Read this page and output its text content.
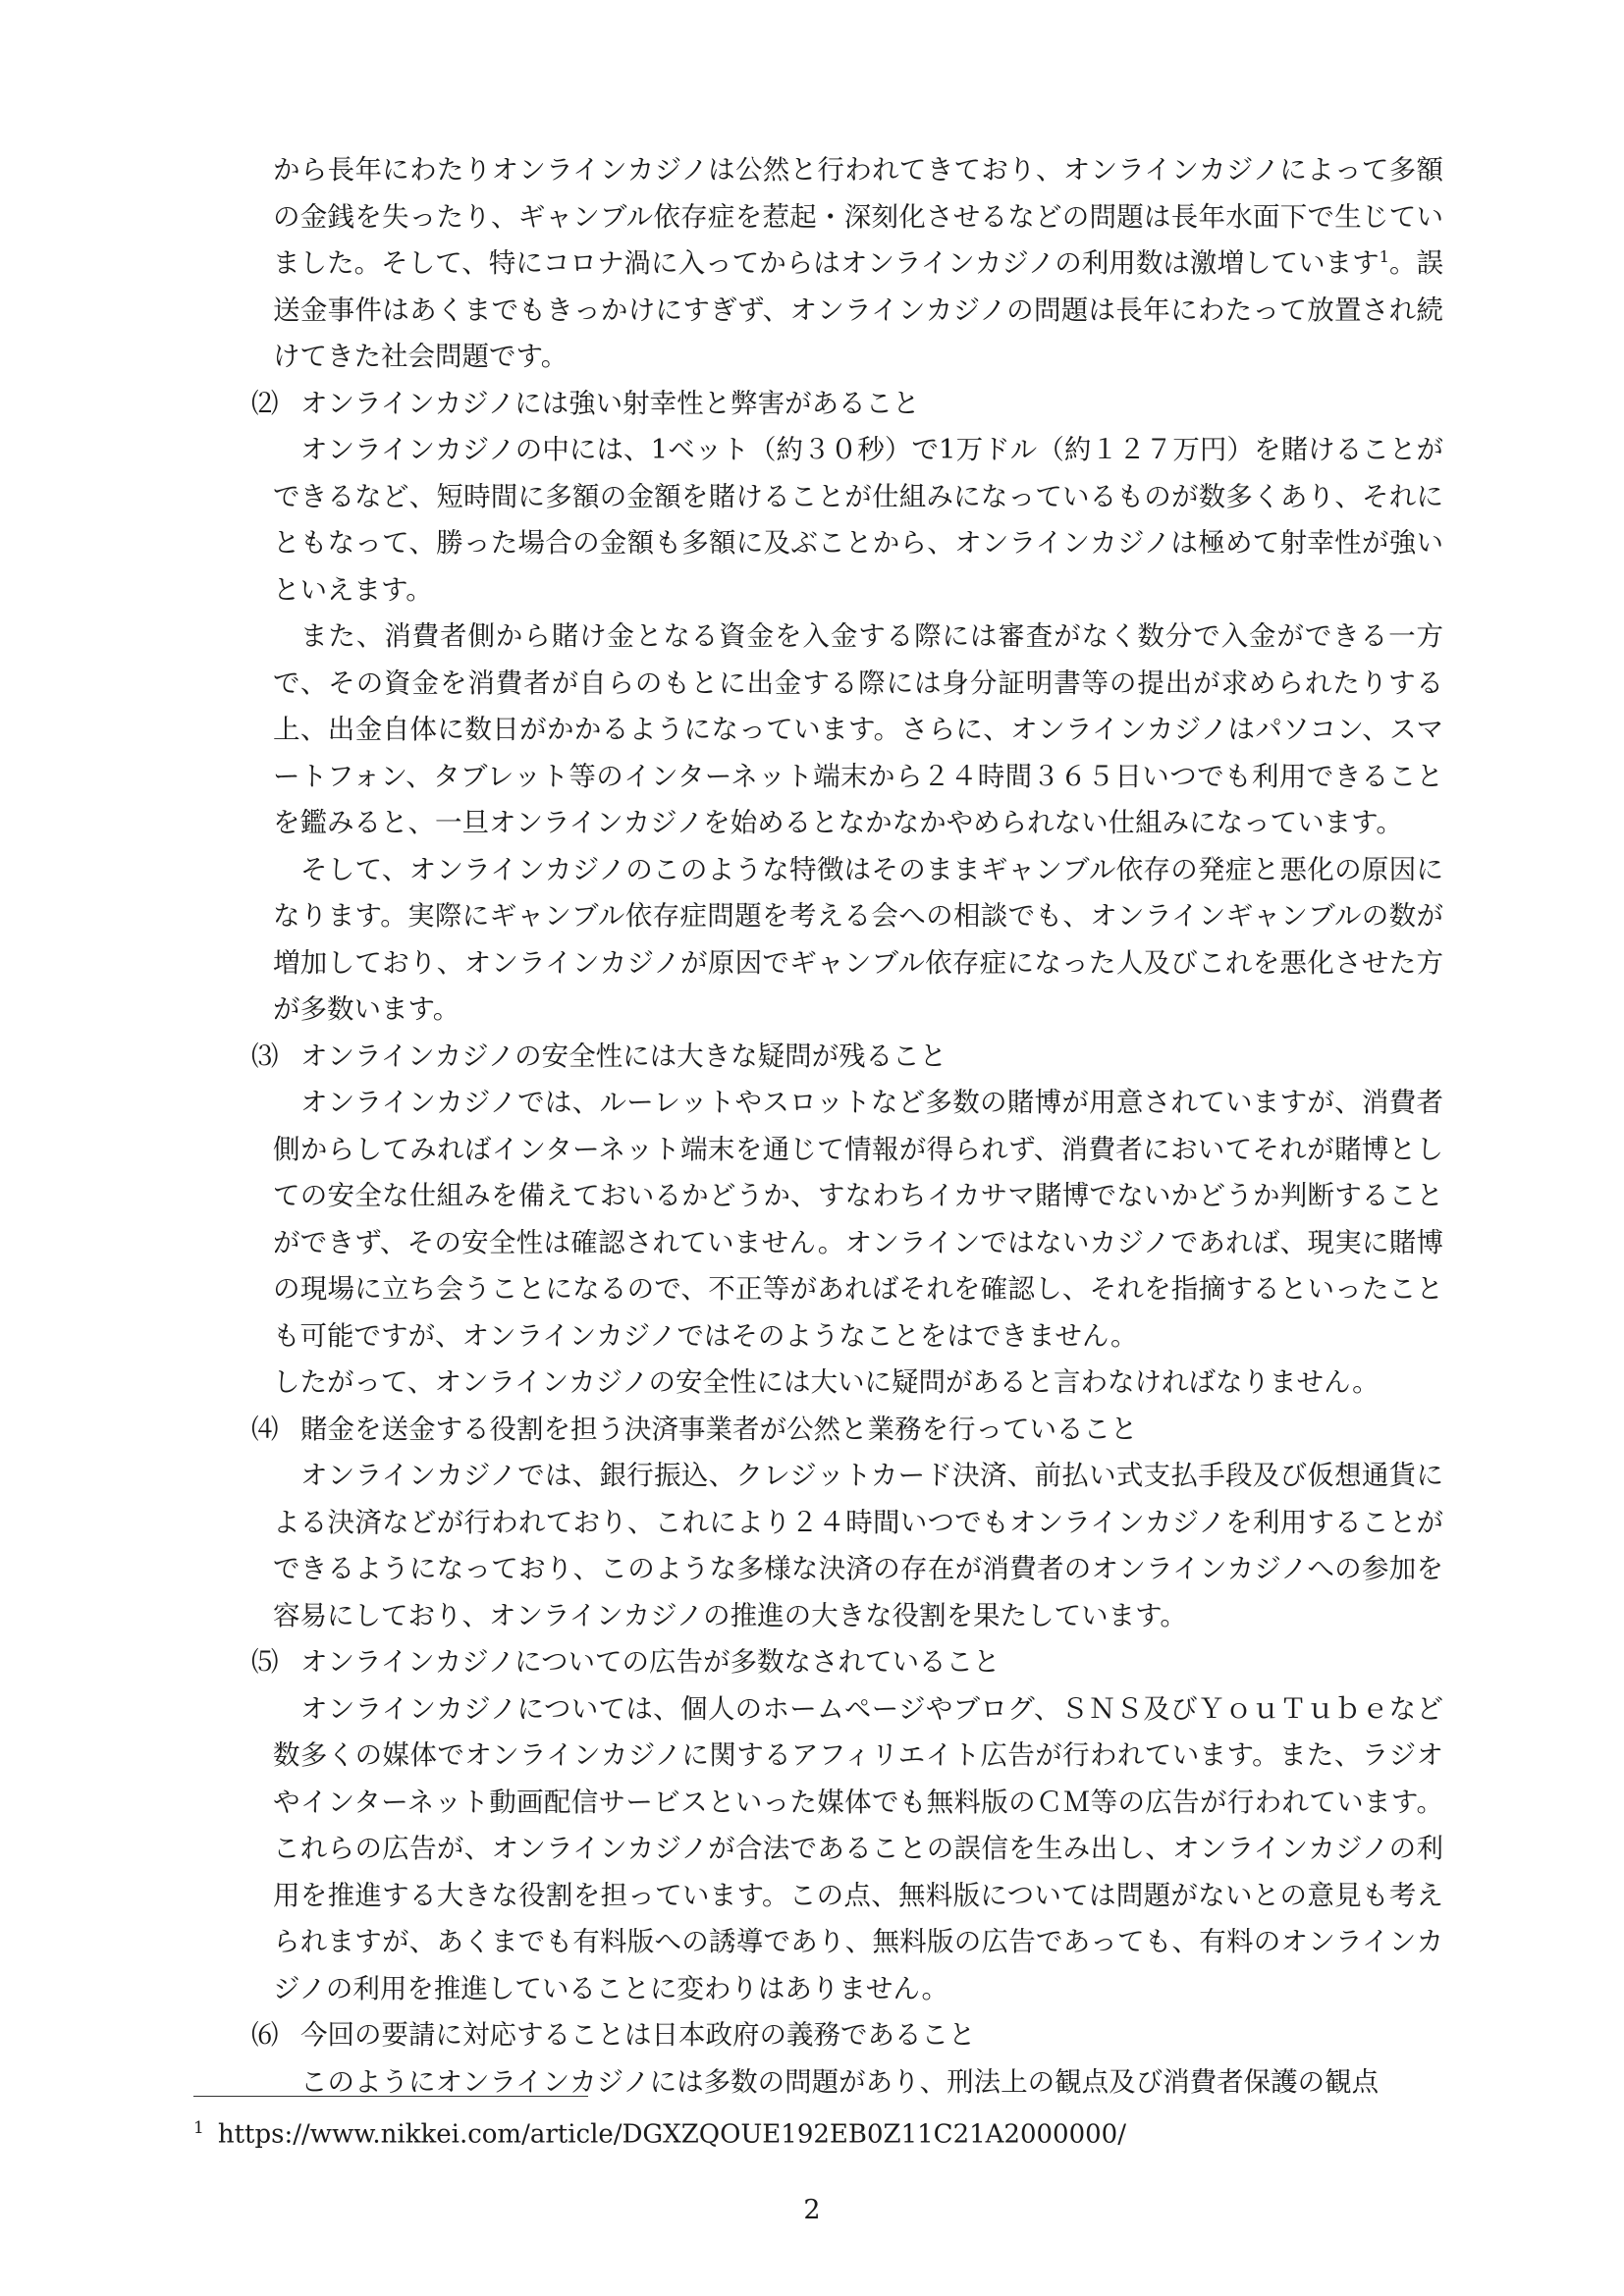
から長年にわたりオンラインカジノは公然と行われてきており、オンラインカジノによって多額の金銭を失ったり、ギャンブル依存症を惹起・深刻化させるなどの問題は長年水面下で生じていました。そして、特にコロナ渦に入ってからはオンラインカジノの利用数は激増しています$^1$。誤送金事件はあくまでもきっかけにすぎず、オンラインカジノの問題は長年にわたって放置され続けてきた社会問題です。

⑵ オンラインカジノには強い射幸性と弊害があること

オンラインカジノの中には、1ベット（約３０秒）で1万ドル（約１２７万円）を賭けることができるなど、短時間に多額の金額を賭けることが仕組みになっているものが数多くあり、それにともなって、勝った場合の金額も多額に及ぶことから、オンラインカジノは極めて射幸性が強いといえます。

また、消費者側から賭け金となる資金を入金する際には審査がなく数分で入金ができる一方で、その資金を消費者が自らのもとに出金する際には身分証明書等の提出が求められたりする上、出金自体に数日がかかるようになっています。さらに、オンラインカジノはパソコン、スマートフォン、タブレット等のインターネット端末から２４時間３６５日いつでも利用できることを鑑みると、一旦オンラインカジノを始めるとなかなかやめられない仕組みになっています。

そして、オンラインカジノのこのような特徴はそのままギャンブル依存の発症と悪化の原因になります。実際にギャンブル依存症問題を考える会への相談でも、オンラインギャンブルの数が増加しており、オンラインカジノが原因でギャンブル依存症になった人及びこれを悪化させた方が多数います。

⑶ オンラインカジノの安全性には大きな疑問が残ること

オンラインカジノでは、ルーレットやスロットなど多数の賭博が用意されていますが、消費者側からしてみればインターネット端末を通じて情報が得られず、消費者においてそれが賭博としての安全な仕組みを備えておいるかどうか、すなわちイカサマ賭博でないかどうか判断することができず、その安全性は確認されていません。オンラインではないカジノであれば、現実に賭博の現場に立ち会うことになるので、不正等があればそれを確認し、それを指摘するといったことも可能ですが、オンラインカジノではそのようなことをはできません。

したがって、オンラインカジノの安全性には大いに疑問があると言わなければなりません。

⑷ 賭金を送金する役割を担う決済事業者が公然と業務を行っていること

オンラインカジノでは、銀行振込、クレジットカード決済、前払い式支払手段及び仮想通貨による決済などが行われており、これにより２４時間いつでもオンラインカジノを利用することができるようになっており、このような多様な決済の存在が消費者のオンラインカジノへの参加を容易にしており、オンラインカジノの推進の大きな役割を果たしています。

⑸ オンラインカジノについての広告が多数なされていること

オンラインカジノについては、個人のホームページやブログ、ＳＮＳ及びＹｏｕＴｕｂｅなど数多くの媒体でオンラインカジノに関するアフィリエイト広告が行われています。また、ラジオやインターネット動画配信サービスといった媒体でも無料版のＣＭ等の広告が行われています。これらの広告が、オンラインカジノが合法であることの誤信を生み出し、オンラインカジノの利用を推進する大きな役割を担っています。この点、無料版については問題がないとの意見も考えられますが、あくまでも有料版への誘導であり、無料版の広告であっても、有料のオンラインカジノの利用を推進していることに変わりはありません。

⑹ 今回の要請に対応することは日本政府の義務であること

このようにオンラインカジノには多数の問題があり、刑法上の観点及び消費者保護の観点

$^1$ https://www.nikkei.com/article/DGXZQOUE192EB0Z11C21A2000000/
2
